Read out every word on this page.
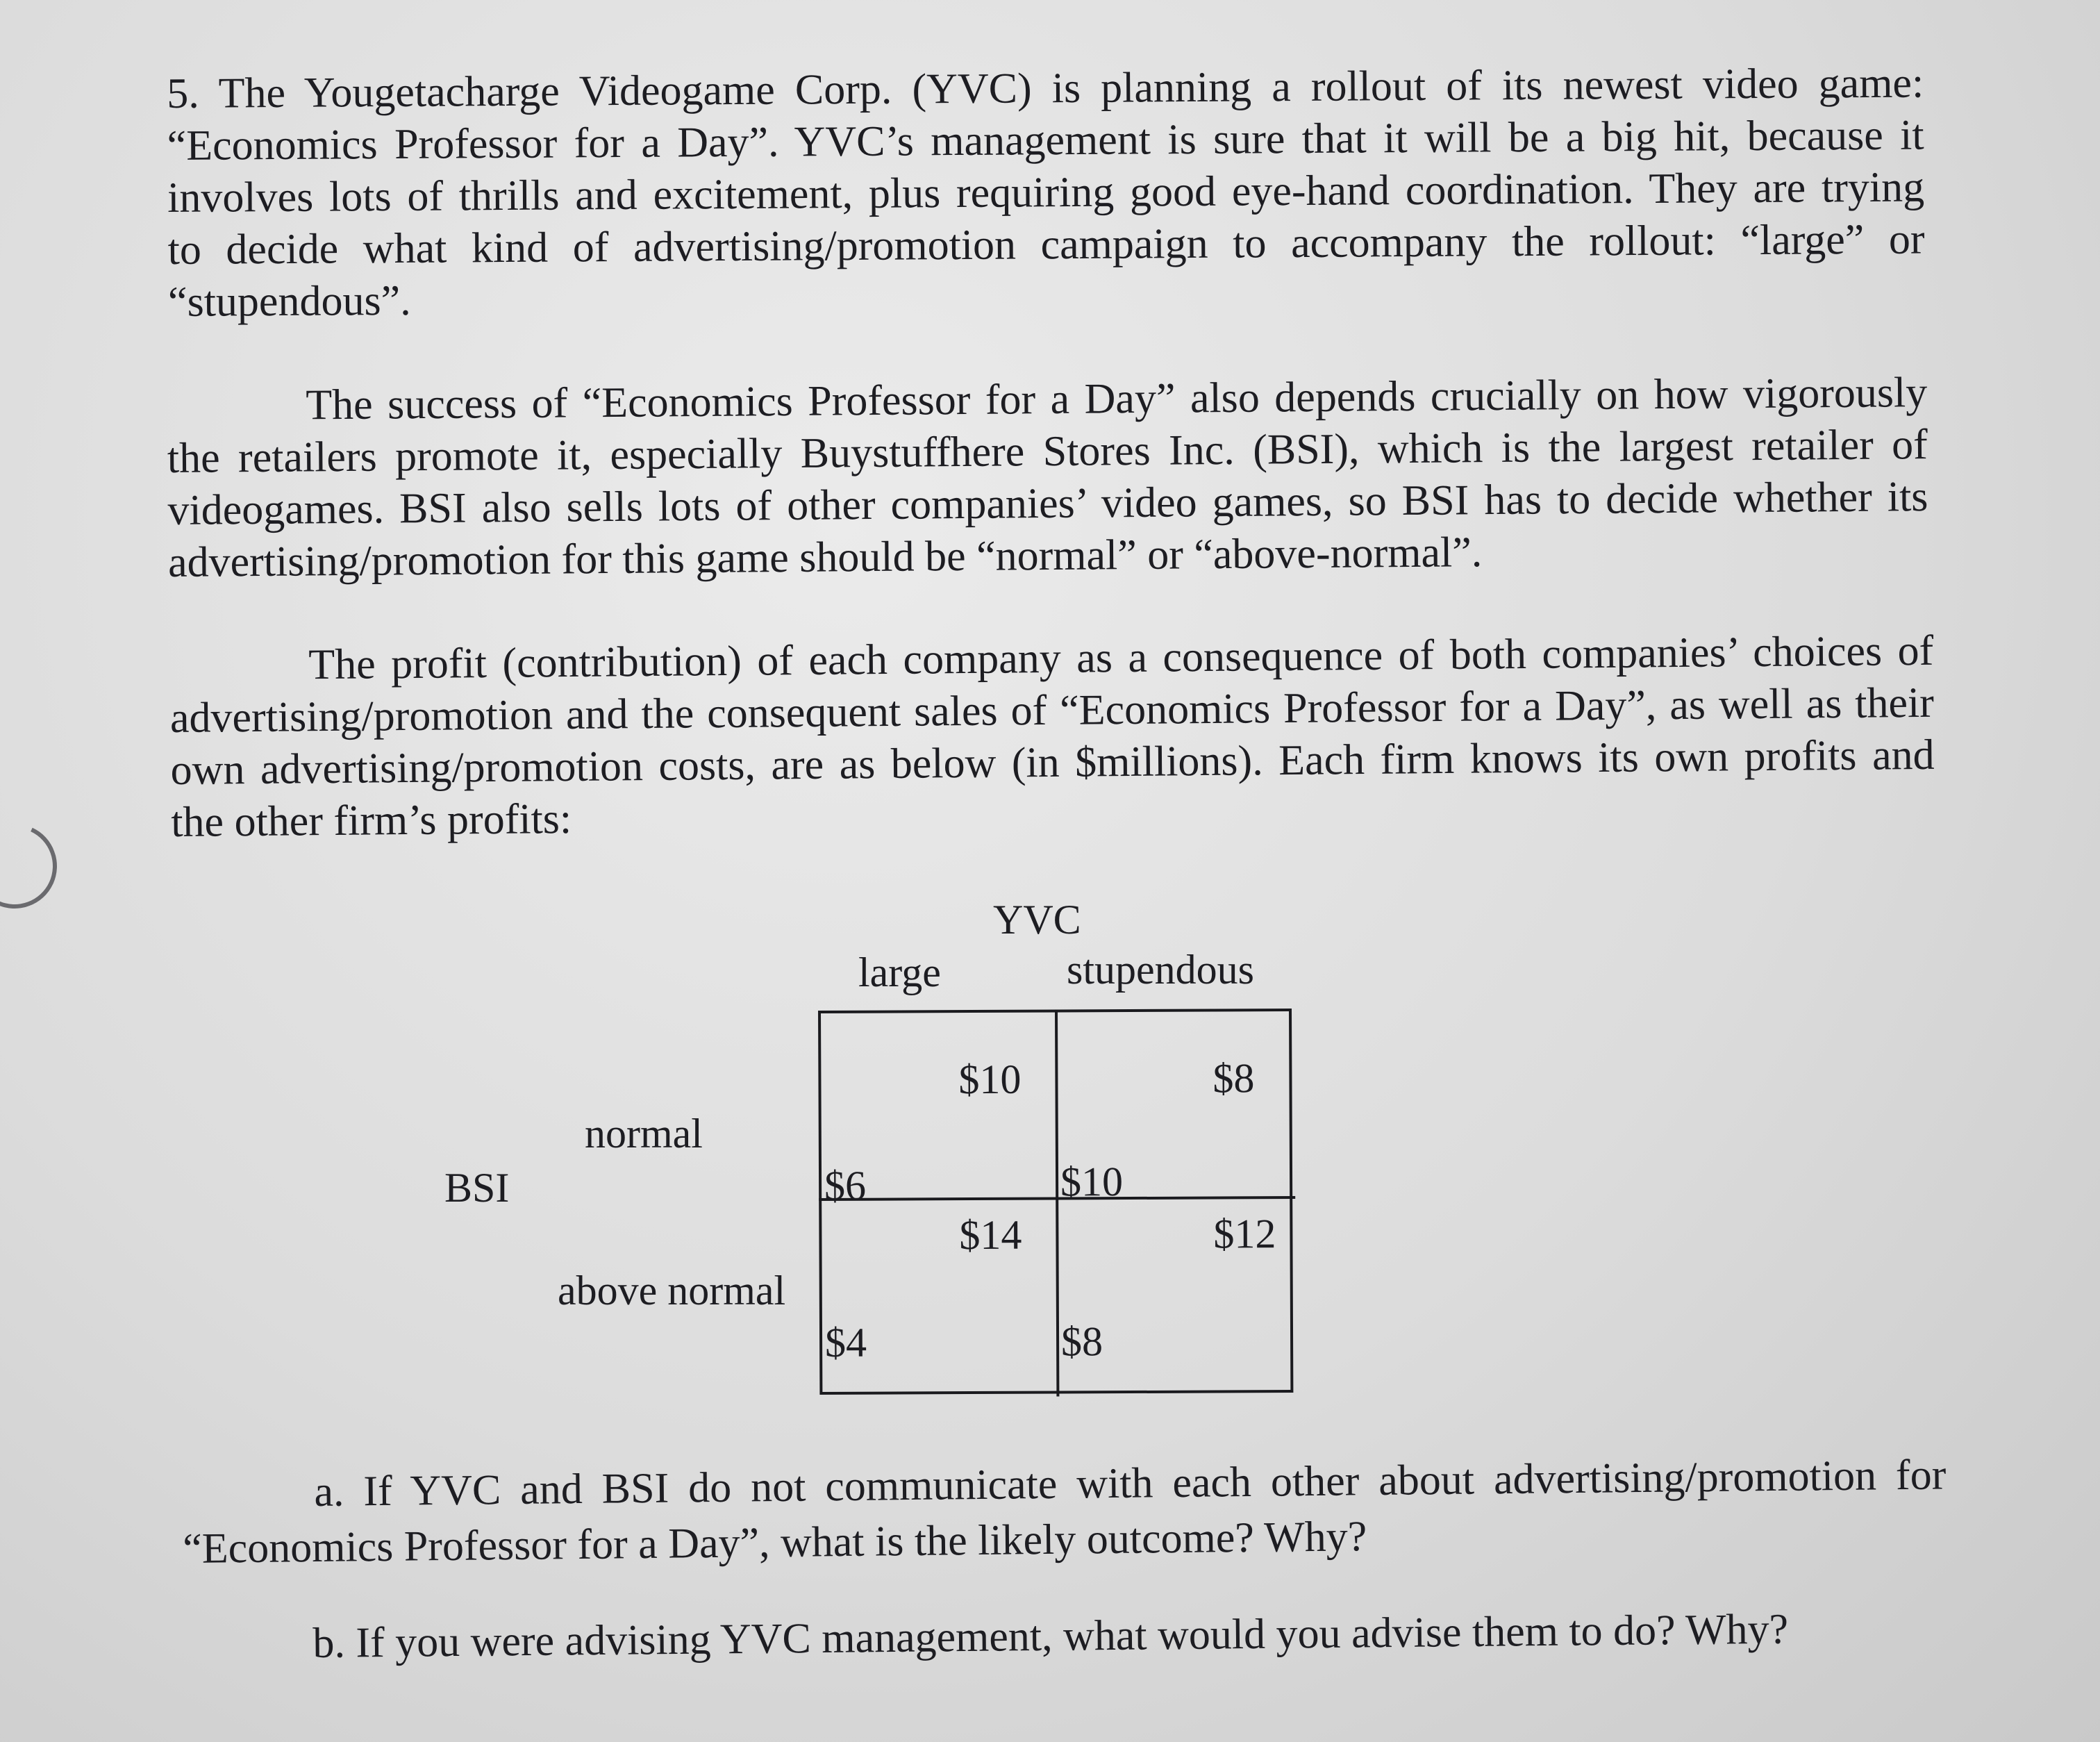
5. The Yougetacharge Videogame Corp. (YVC) is planning a rollout of its newest video game:
“Economics Professor for a Day”. YVC’s management is sure that it will be a big hit, because it
involves lots of thrills and excitement, plus requiring good eye-hand coordination. They are trying
to decide what kind of advertising/promotion campaign to accompany the rollout: “large” or
“stupendous”.

The success of “Economics Professor for a Day” also depends crucially on how vigorously
the retailers promote it, especially Buystuffhere Stores Inc. (BSI), which is the largest retailer of
videogames. BSI also sells lots of other companies’ video games, so BSI has to decide whether its
advertising/promotion for this game should be “normal” or “above-normal”.

The profit (contribution) of each company as a consequence of both companies’ choices of
advertising/promotion and the consequent sales of “Economics Professor for a Day”, as well as their
own advertising/promotion costs, are as below (in $millions). Each firm knows its own profits and
the other firm’s profits:

YVC
large	stupendous
BSI
normal
above normal
$10
$6
$8
$10
$14
$4
$12
$8

a. If YVC and BSI do not communicate with each other about advertising/promotion for
“Economics Professor for a Day”, what is the likely outcome? Why?

b. If you were advising YVC management, what would you advise them to do? Why?
